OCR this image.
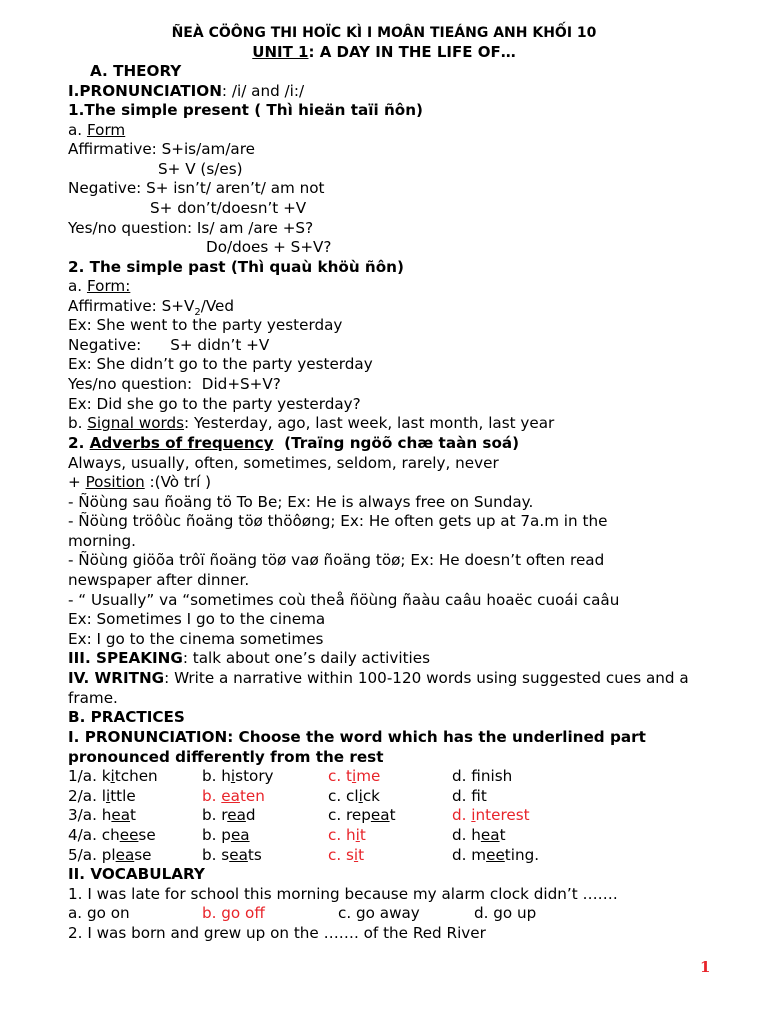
ÑEÀ CÖÔNG THI HOÏC KÌ I MOÂN TIEÁNG ANH KHỐI 10
UNIT 1: A DAY IN THE LIFE OF…
A. THEORY
I.PRONUNCIATION: /i/ and /i:/
1.The simple present ( Thì hieän taïi ñôn)
a. Form
Affirmative: S+is/am/are
S+ V (s/es)
Negative: S+ isn’t/ aren’t/ am not
S+ don’t/doesn’t +V
Yes/no question: Is/ am /are +S?
Do/does + S+V?
2. The simple past (Thì quaù khöù ñôn)
a. Form:
Affirmative: $S+V_2$/Ved
Ex: She went to the party yesterday
Negative:      S+ didn’t +V
Ex: She didn’t go to the party yesterday
Yes/no question:  Did+S+V?
Ex: Did she go to the party yesterday?
b. Signal words: Yesterday, ago, last week, last month, last year
2. Adverbs of frequency  (Traïng ngöõ chæ taàn soá)
Always, usually, often, sometimes, seldom, rarely, never
+ Position :(Vò trí )
- Ñöùng sau ñoäng tö To Be; Ex: He is always free on Sunday.
- Ñöùng tröôùc ñoäng töø thöôøng; Ex: He often gets up at 7a.m in the morning.
- Ñöùng giöõa trôï ñoäng töø vaø ñoäng töø; Ex: He doesn’t often read newspaper after dinner.
- “ Usually” va “sometimes coù theå ñöùng ñaàu caâu hoaëc cuoái caâu
Ex: Sometimes I go to the cinema
Ex: I go to the cinema sometimes
III. SPEAKING: talk about one’s daily activities
IV. WRITNG: Write a narrative within 100-120 words using suggested cues and a frame.
B. PRACTICES
I. PRONUNCIATION: Choose the word which has the underlined part pronounced differently from the rest
1/a. kitchen	b. history	c. time	d. fnish
2/a. little	b. eaten	c. click	d. ft
3/a. heat	b. read	c. repeat	d. interest
4/a. cheese	b. pea	c. hit	d. heat
5/a. please	b. seats	c. sit	d. meeting.
II. VOCABULARY
1. I was late for school this morning because my alarm clock didn’t …….
a. go on	b. go off	c. go away	d. go up
2. I was born and grew up on the ……. of the Red River
1
